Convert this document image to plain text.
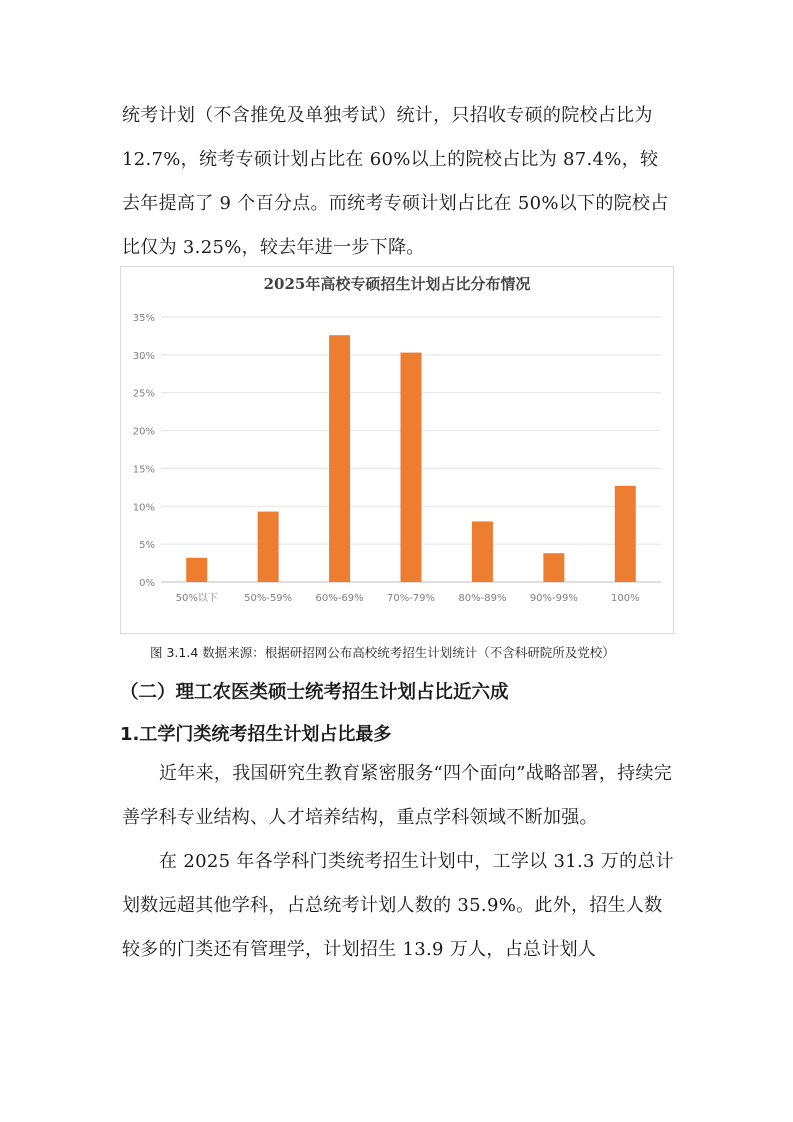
统考计划（不含推免及单独考试）统计，只招收专硕的院校占比为 12.7%，统考专硕计划占比在 60%以上的院校占比为 87.4%，较去年提高了 9 个百分点。而统考专硕计划占比在 50%以下的院校占比仅为 3.25%，较去年进一步下降。

2025年高校专硕招生计划占比分布情况
0%
5%
10%
15%
20%
25%
30%
35%
50%以下	50%-59% 60%-69% 70%-79% 80%-89% 90%-99%	100%
图 3.1.4 数据来源：根据研招网公布高校统考招生计划统计（不含科研院所及党校）
（二）理工农医类硕士统考招生计划占比近六成
1.工学门类统考招生计划占比最多

近年来，我国研究生教育紧密服务“四个面向”战略部署，持续完善学科专业结构、人才培养结构，重点学科领域不断加强。

在 2025 年各学科门类统考招生计划中，工学以 31.3 万的总计划数远超其他学科，占总统考计划人数的 35.9%。此外，招生人数较多的门类还有管理学，计划招生 13.9 万人，占总计划人
